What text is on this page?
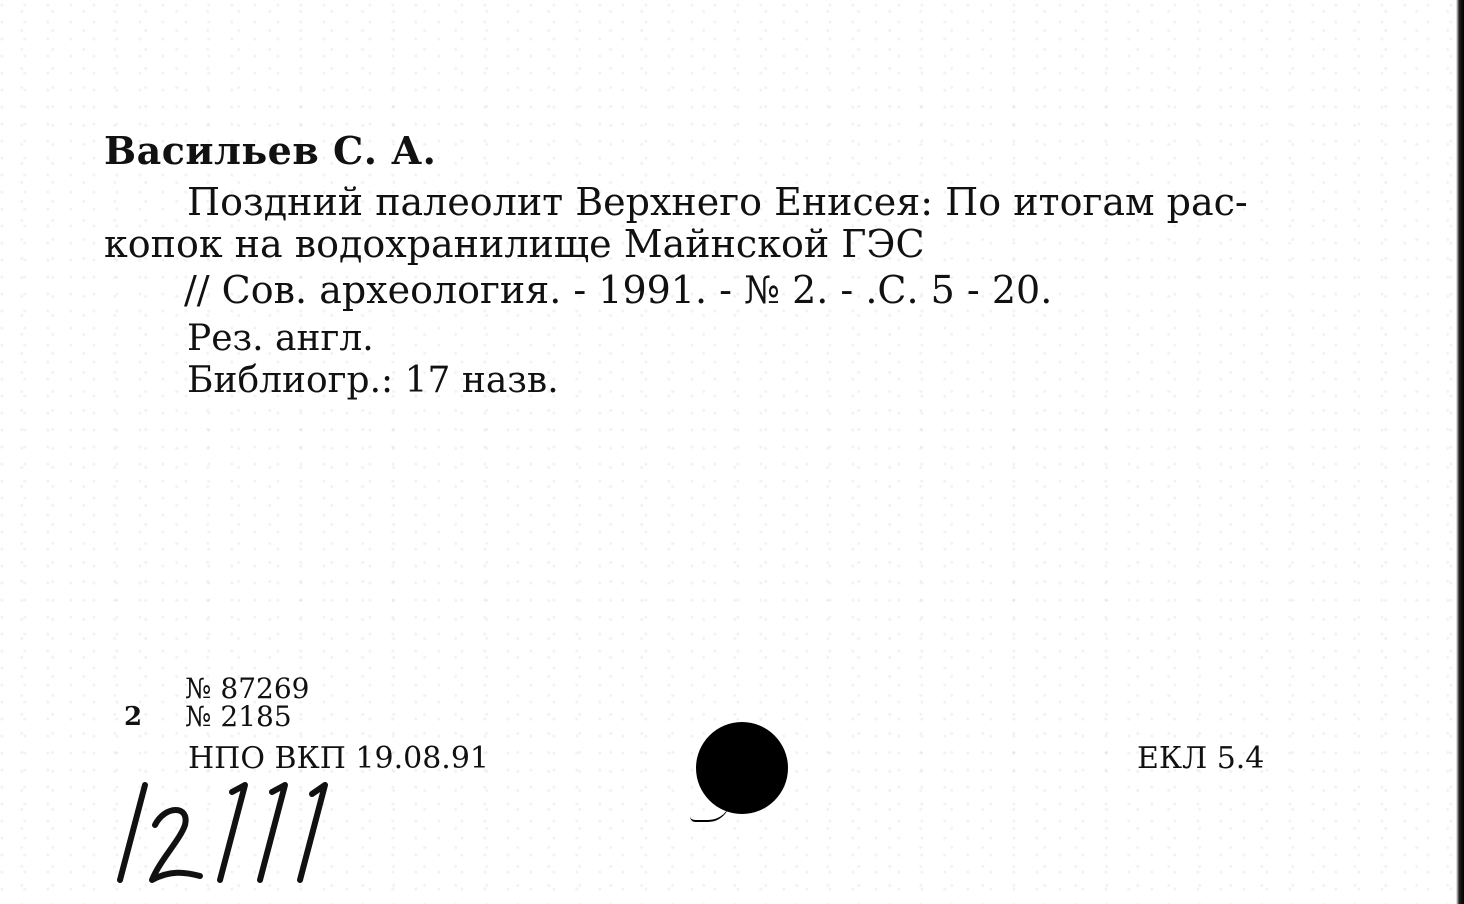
Васильев С. А.
Поздний палеолит Верхнего Енисея: По итогам рас-
копок на водохранилище Майнской ГЭС
// Сов. археология. - 1991. - № 2. - .С. 5 - 20.
Рез. англ.
Библиогр.: 17 назв.
№ 87269
2 № 2185
НПО ВКП 19.08.91	ЕКЛ 5.4
